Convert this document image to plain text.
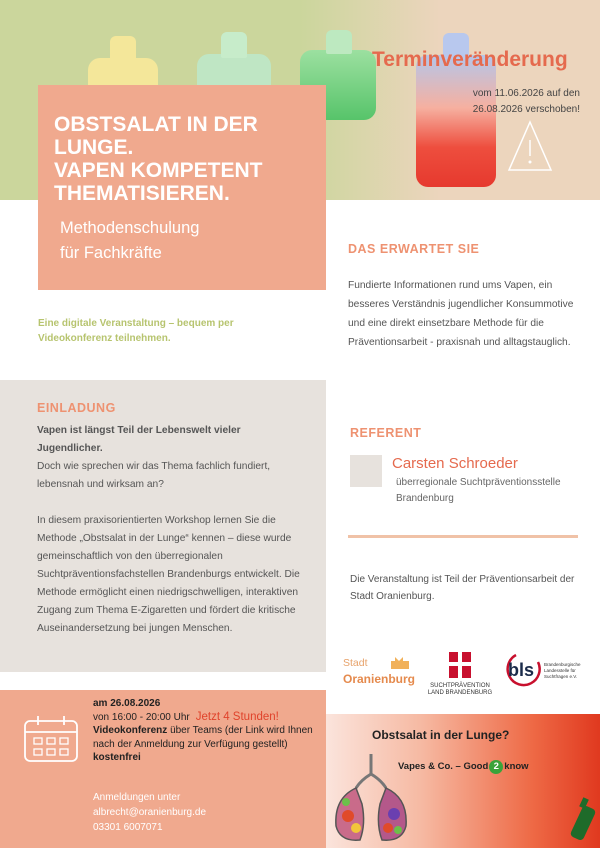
OBSTSALAT IN DER
LUNGE.
VAPEN KOMPETENT
THEMATISIEREN.
Methodenschulung
für Fachkräfte
Terminveränderung
vom 11.06.2026 auf den 26.08.2026 verschoben!
Eine digitale Veranstaltung – bequem per Videokonferenz teilnehmen.
DAS ERWARTET SIE
Fundierte Informationen rund ums Vapen, ein besseres Verständnis jugendlicher Konsummotive und eine direkt einsetzbare Methode für die Präventionsarbeit - praxisnah und alltagstauglich.
EINLADUNG

Vapen ist längst Teil der Lebenswelt vieler Jugendlicher.

Doch wie sprechen wir das Thema fachlich fundiert, lebensnah und wirksam an?

In diesem praxisorientierten Workshop lernen Sie die Methode „Obstsalat in der Lunge“ kennen – diese wurde gemeinschaftlich von den überregionalen Suchtpräventionsfachstellen Brandenburgs entwickelt. Die Methode ermöglicht einen niedrigschwelligen, interaktiven Zugang zum Thema E-Zigaretten und fördert die kritische Auseinandersetzung bei jungen Menschen.

REFERENT
Carsten Schroeder
überregionale Suchtpräventionsstelle Brandenburg
Die Veranstaltung ist Teil der Präventionsarbeit der Stadt Oranienburg.
Stadt
Oranienburg	SUCHTPRÄVENTION
LAND BRANDENBURG
bls Brandenburgische Landesstelle für Suchtfragen e.V.
am 26.08.2026
von 16:00 - 20:00 Uhr Jetzt 4 Stunden!
Videokonferenz über Teams (der Link wird Ihnen nach der Anmeldung zur Verfügung gestellt)
kostenfrei
Anmeldungen unter
albrecht@oranienburg.de
03301 6007071
Obstsalat in der Lunge?
Vapes & Co. – Good 2 know
